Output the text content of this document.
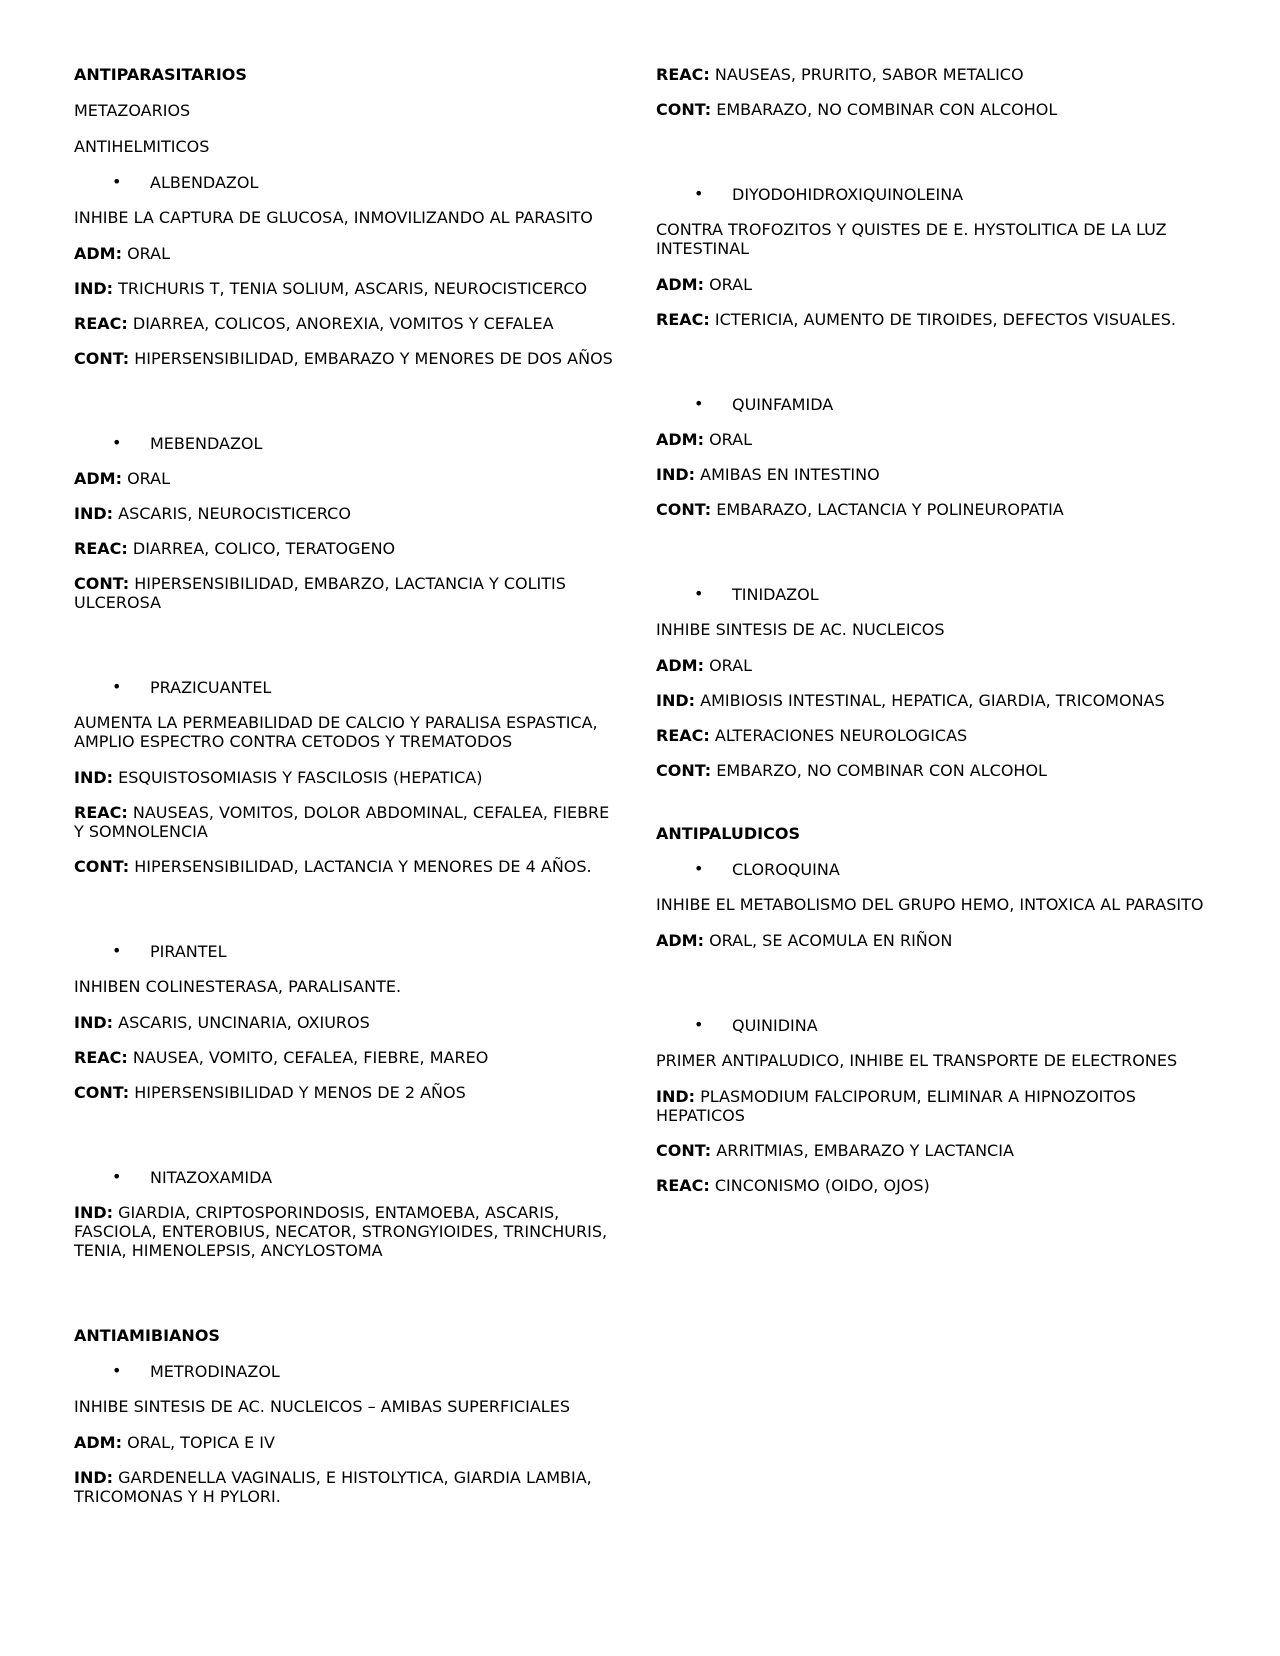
ANTIPARASITARIOS
METAZOARIOS
ANTIHELMITICOS
• ALBENDAZOL
INHIBE LA CAPTURA DE GLUCOSA, INMOVILIZANDO AL PARASITO
ADM: ORAL
IND: TRICHURIS T, TENIA SOLIUM, ASCARIS, NEUROCISTICERCO
REAC: DIARREA, COLICOS, ANOREXIA, VOMITOS Y CEFALEA
CONT: HIPERSENSIBILIDAD, EMBARAZO Y MENORES DE DOS AÑOS
• MEBENDAZOL
ADM: ORAL
IND: ASCARIS, NEUROCISTICERCO
REAC: DIARREA, COLICO, TERATOGENO
CONT: HIPERSENSIBILIDAD, EMBARZO, LACTANCIA Y COLITIS ULCEROSA
• PRAZICUANTEL
AUMENTA LA PERMEABILIDAD DE CALCIO Y PARALISA ESPASTICA, AMPLIO ESPECTRO CONTRA CETODOS Y TREMATODOS
IND: ESQUISTOSOMIASIS Y FASCILOSIS (HEPATICA)
REAC: NAUSEAS, VOMITOS, DOLOR ABDOMINAL, CEFALEA, FIEBRE Y SOMNOLENCIA
CONT: HIPERSENSIBILIDAD, LACTANCIA Y MENORES DE 4 AÑOS.
• PIRANTEL
INHIBEN COLINESTERASA, PARALISANTE.
IND: ASCARIS, UNCINARIA, OXIUROS
REAC: NAUSEA, VOMITO, CEFALEA, FIEBRE, MAREO
CONT: HIPERSENSIBILIDAD Y MENOS DE 2 AÑOS
• NITAZOXAMIDA
IND: GIARDIA, CRIPTOSPORINDOSIS, ENTAMOEBA, ASCARIS, FASCIOLA, ENTEROBIUS, NECATOR, STRONGYIOIDES, TRINCHURIS, TENIA, HIMENOLEPSIS, ANCYLOSTOMA
ANTIAMIBIANOS
• METRODINAZOL
INHIBE SINTESIS DE AC. NUCLEICOS – AMIBAS SUPERFICIALES
ADM: ORAL, TOPICA E IV
IND: GARDENELLA VAGINALIS, E HISTOLYTICA, GIARDIA LAMBIA, TRICOMONAS Y H PYLORI.
REAC: NAUSEAS, PRURITO, SABOR METALICO
CONT: EMBARAZO, NO COMBINAR CON ALCOHOL
• DIYODOHIDROXIQUINOLEINA
CONTRA TROFOZITOS Y QUISTES DE E. HYSTOLITICA DE LA LUZ INTESTINAL
ADM: ORAL
REAC: ICTERICIA, AUMENTO DE TIROIDES, DEFECTOS VISUALES.
• QUINFAMIDA
ADM: ORAL
IND: AMIBAS EN INTESTINO
CONT: EMBARAZO, LACTANCIA Y POLINEUROPATIA
• TINIDAZOL
INHIBE SINTESIS DE AC. NUCLEICOS
ADM: ORAL
IND: AMIBIOSIS INTESTINAL, HEPATICA, GIARDIA, TRICOMONAS
REAC: ALTERACIONES NEUROLOGICAS
CONT: EMBARZO, NO COMBINAR CON ALCOHOL
ANTIPALUDICOS
• CLOROQUINA
INHIBE EL METABOLISMO DEL GRUPO HEMO, INTOXICA AL PARASITO
ADM: ORAL, SE ACOMULA EN RIÑON
• QUINIDINA
PRIMER ANTIPALUDICO, INHIBE EL TRANSPORTE DE ELECTRONES
IND: PLASMODIUM FALCIPORUM, ELIMINAR A HIPNOZOITOS HEPATICOS
CONT: ARRITMIAS, EMBARAZO Y LACTANCIA
REAC: CINCONISMO (OIDO, OJOS)
